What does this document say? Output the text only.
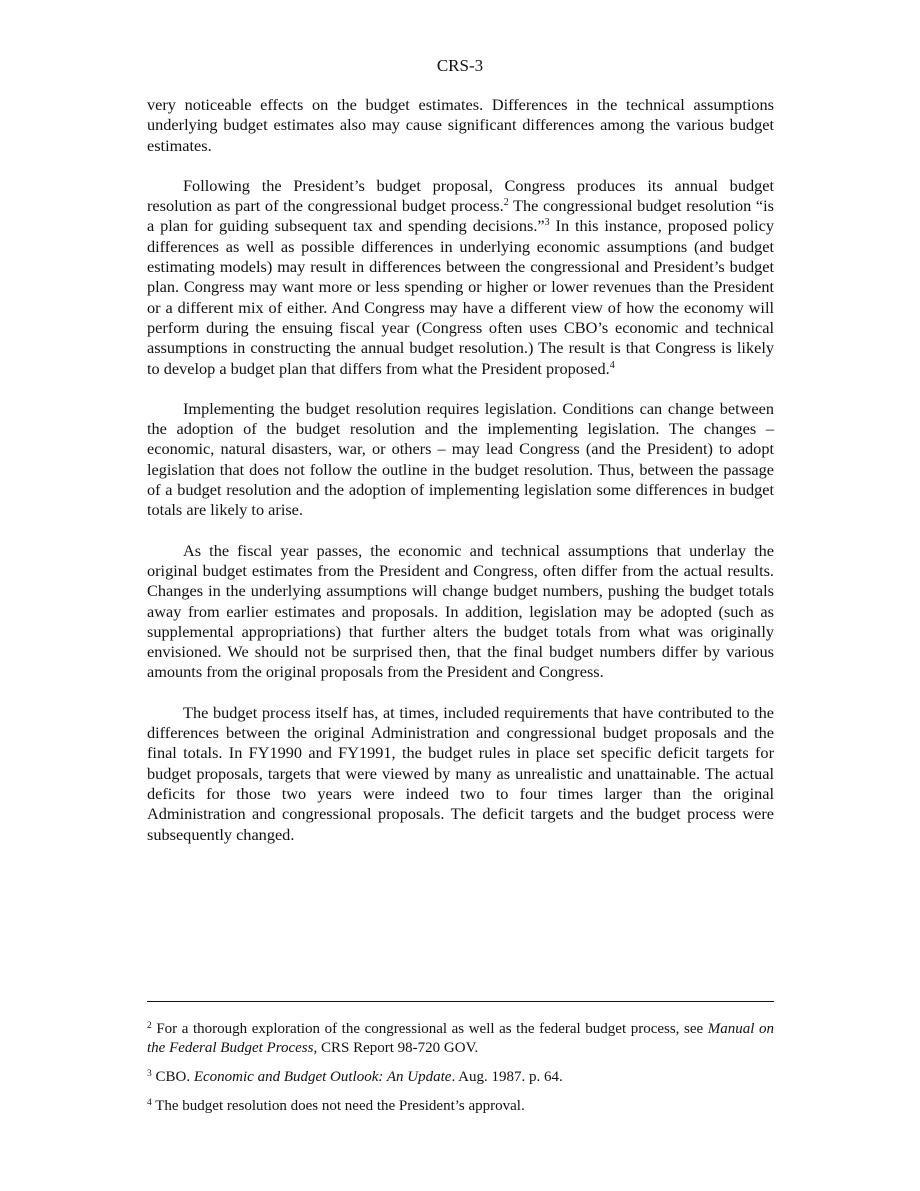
CRS-3

very noticeable effects on the budget estimates. Differences in the technical assumptions underlying budget estimates also may cause significant differences among the various budget estimates.

Following the President’s budget proposal, Congress produces its annual budget resolution as part of the congressional budget process.$^2$ The congressional budget resolution “is a plan for guiding subsequent tax and spending decisions.”$^3$ In this instance, proposed policy differences as well as possible differences in underlying economic assumptions (and budget estimating models) may result in differences between the congressional and President’s budget plan. Congress may want more or less spending or higher or lower revenues than the President or a different mix of either. And Congress may have a different view of how the economy will perform during the ensuing fiscal year (Congress often uses CBO’s economic and technical assumptions in constructing the annual budget resolution.) The result is that Congress is likely to develop a budget plan that differs from what the President proposed.$^4$

Implementing the budget resolution requires legislation. Conditions can change between the adoption of the budget resolution and the implementing legislation. The changes – economic, natural disasters, war, or others – may lead Congress (and the President) to adopt legislation that does not follow the outline in the budget resolution. Thus, between the passage of a budget resolution and the adoption of implementing legislation some differences in budget totals are likely to arise.

As the fiscal year passes, the economic and technical assumptions that underlay the original budget estimates from the President and Congress, often differ from the actual results. Changes in the underlying assumptions will change budget numbers, pushing the budget totals away from earlier estimates and proposals. In addition, legislation may be adopted (such as supplemental appropriations) that further alters the budget totals from what was originally envisioned. We should not be surprised then, that the final budget numbers differ by various amounts from the original proposals from the President and Congress.

The budget process itself has, at times, included requirements that have contributed to the differences between the original Administration and congressional budget proposals and the final totals. In FY1990 and FY1991, the budget rules in place set specific deficit targets for budget proposals, targets that were viewed by many as unrealistic and unattainable. The actual deficits for those two years were indeed two to four times larger than the original Administration and congressional proposals. The deficit targets and the budget process were subsequently changed.

$^2$ For a thorough exploration of the congressional as well as the federal budget process, see Manual on the Federal Budget Process, CRS Report 98-720 GOV.

$^3$ CBO. Economic and Budget Outlook: An Update. Aug. 1987. p. 64.

$^4$ The budget resolution does not need the President’s approval.
